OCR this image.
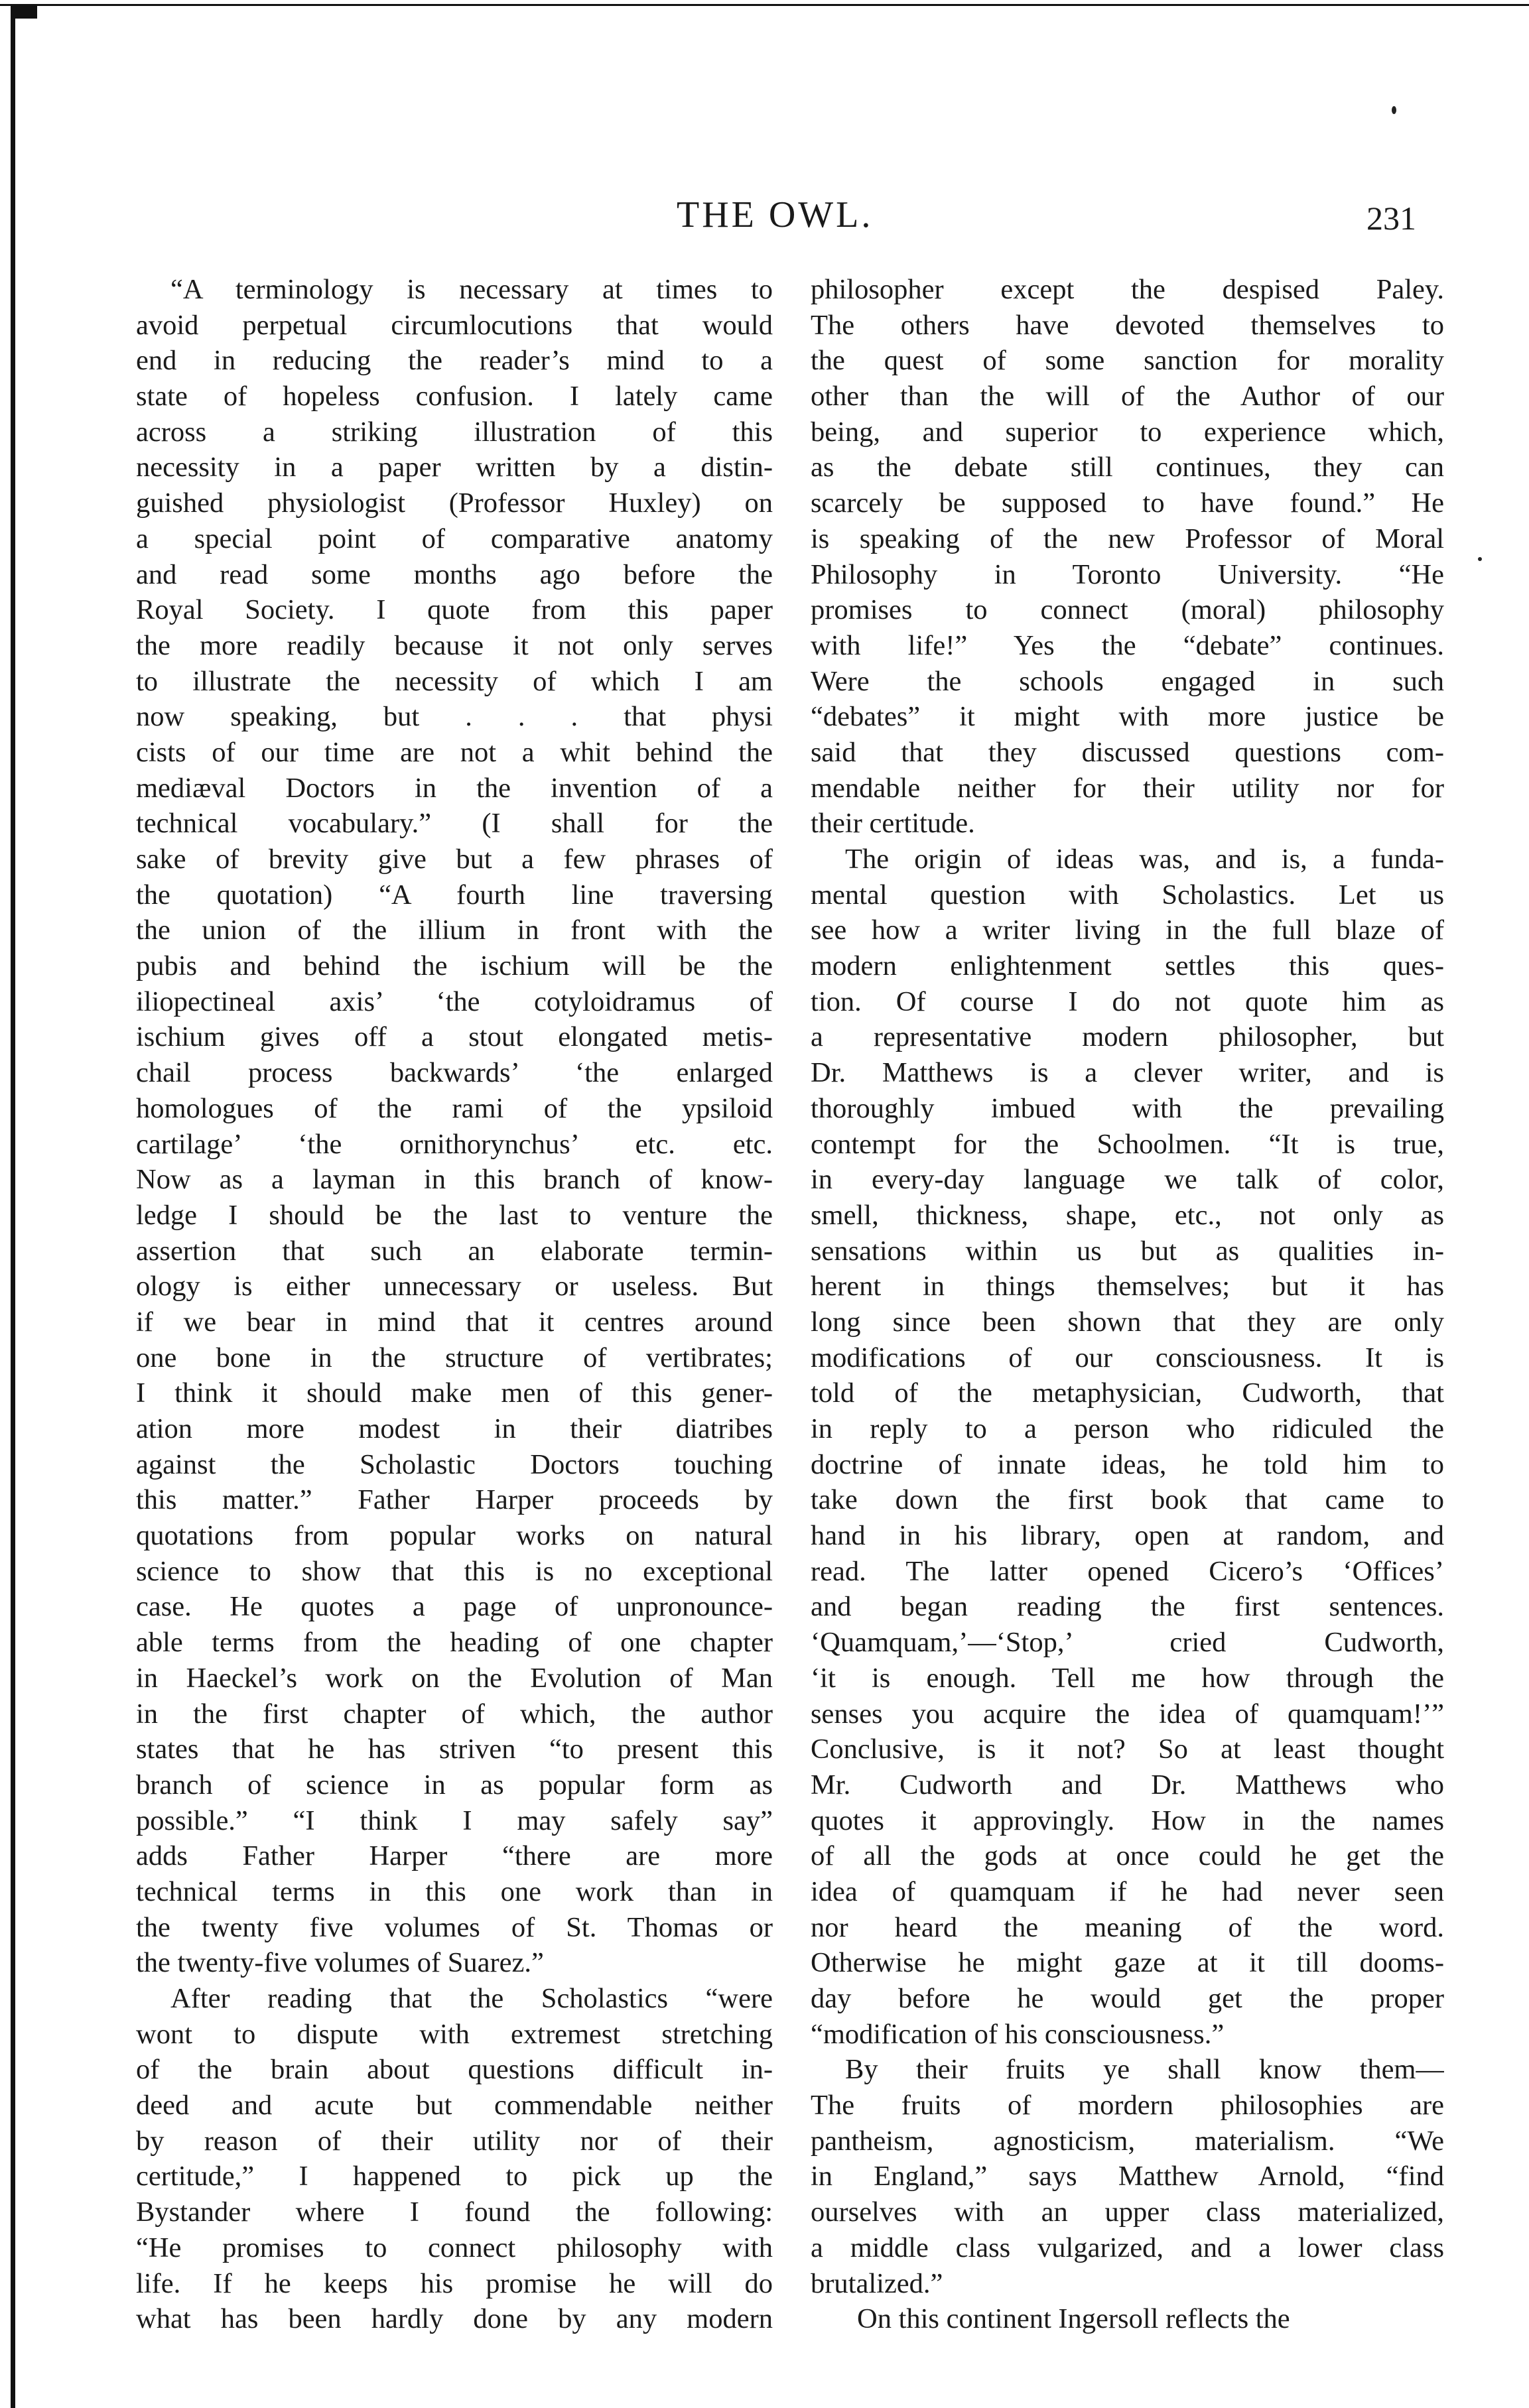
THE OWL.	231
“A terminology is necessary at times to
avoid perpetual circumlocutions that would
end in reducing the reader’s mind to a
state of hopeless confusion. I lately came
across a striking illustration of this
necessity in a paper written by a distin-
guished physiologist (Professor Huxley) on
a special point of comparative anatomy
and read some months ago before the
Royal Society. I quote from this paper
the more readily because it not only serves
to illustrate the necessity of which I am
now speaking, but . . . that physi
cists of our time are not a whit behind the
mediæval Doctors in the invention of a
technical vocabulary.” (I shall for the
sake of brevity give but a few phrases of
the quotation) “A fourth line traversing
the union of the illium in front with the
pubis and behind the ischium will be the
iliopectineal axis’ ‘the cotyloidramus of
ischium gives off a stout elongated metis-
chail process backwards’ ‘the enlarged
homologues of the rami of the ypsiloid
cartilage’ ‘the ornithorynchus’ etc. etc.
Now as a layman in this branch of know-
ledge I should be the last to venture the
assertion that such an elaborate termin-
ology is either unnecessary or useless. But
if we bear in mind that it centres around
one bone in the structure of vertibrates;
I think it should make men of this gener-
ation more modest in their diatribes
against the Scholastic Doctors touching
this matter.” Father Harper proceeds by
quotations from popular works on natural
science to show that this is no exceptional
case. He quotes a page of unpronounce-
able terms from the heading of one chapter
in Haeckel’s work on the Evolution of Man
in the first chapter of which, the author
states that he has striven “to present this
branch of science in as popular form as
possible.” “I think I may safely say”
adds Father Harper “there are more
technical terms in this one work than in
the twenty five volumes of St. Thomas or
the twenty-five volumes of Suarez.”
After reading that the Scholastics “were
wont to dispute with extremest stretching
of the brain about questions difficult in-
deed and acute but commendable neither
by reason of their utility nor of their
certitude,” I happened to pick up the
Bystander where I found the following:
“He promises to connect philosophy with
life. If he keeps his promise he will do
what has been hardly done by any modern
philosopher except the despised Paley.
The others have devoted themselves to
the quest of some sanction for morality
other than the will of the Author of our
being, and superior to experience which,
as the debate still continues, they can
scarcely be supposed to have found.” He
is speaking of the new Professor of Moral
Philosophy in Toronto University. “He
promises to connect (moral) philosophy
with life!” Yes the “debate” continues.
Were the schools engaged in such
“debates” it might with more justice be
said that they discussed questions com-
mendable neither for their utility nor for
their certitude.
The origin of ideas was, and is, a funda-
mental question with Scholastics. Let us
see how a writer living in the full blaze of
modern enlightenment settles this ques-
tion. Of course I do not quote him as
a representative modern philosopher, but
Dr. Matthews is a clever writer, and is
thoroughly imbued with the prevailing
contempt for the Schoolmen. “It is true,
in every-day language we talk of color,
smell, thickness, shape, etc., not only as
sensations within us but as qualities in-
herent in things themselves; but it has
long since been shown that they are only
modifications of our consciousness. It is
told of the metaphysician, Cudworth, that
in reply to a person who ridiculed the
doctrine of innate ideas, he told him to
take down the first book that came to
hand in his library, open at random, and
read. The latter opened Cicero’s ‘Offices’
and began reading the first sentences.
‘Quamquam,’—‘Stop,’ cried Cudworth,
‘it is enough. Tell me how through the
senses you acquire the idea of quamquam!’”
Conclusive, is it not? So at least thought
Mr. Cudworth and Dr. Matthews who
quotes it approvingly. How in the names
of all the gods at once could he get the
idea of quamquam if he had never seen
nor heard the meaning of the word.
Otherwise he might gaze at it till dooms-
day before he would get the proper
“modification of his consciousness.”
By their fruits ye shall know them—
The fruits of mordern philosophies are
pantheism, agnosticism, materialism. “We
in England,” says Matthew Arnold, “find
ourselves with an upper class materialized,
a middle class vulgarized, and a lower class
brutalized.”
On this continent Ingersoll reflects the
